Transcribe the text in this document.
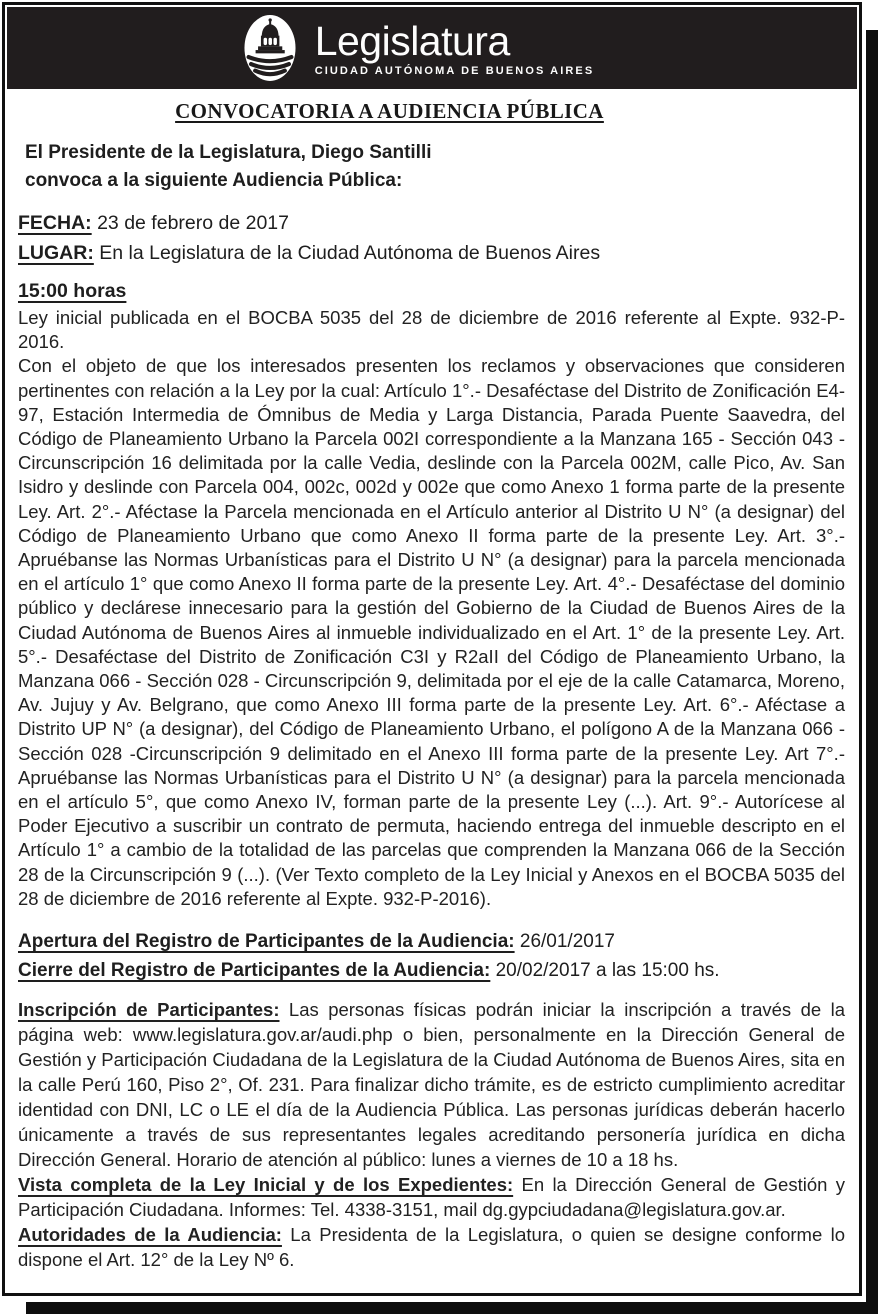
Legislatura
CIUDAD AUTÓNOMA DE BUENOS AIRES
CONVOCATORIA A AUDIENCIA PÚBLICA
El Presidente de la Legislatura, Diego Santilli
convoca a la siguiente Audiencia Pública:
FECHA: 23 de febrero de 2017
LUGAR: En la Legislatura de la Ciudad Autónoma de Buenos Aires
15:00 horas
Ley inicial publicada en el BOCBA 5035 del 28 de diciembre de 2016 referente al Expte. 932-P-2016.
Con el objeto de que los interesados presenten los reclamos y observaciones que consideren pertinentes con relación a la Ley por la cual: Artículo 1°.- Desaféctase del Distrito de Zonificación E4-97, Estación Intermedia de Ómnibus de Media y Larga Distancia, Parada Puente Saavedra, del Código de Planeamiento Urbano la Parcela 002I correspondiente a la Manzana 165 - Sección 043 - Circunscripción 16 delimitada por la calle Vedia, deslinde con la Parcela 002M, calle Pico, Av. San Isidro y deslinde con Parcela 004, 002c, 002d y 002e que como Anexo 1 forma parte de la presente Ley. Art. 2°.- Aféctase la Parcela mencionada en el Artículo anterior al Distrito U N° (a designar) del Código de Planeamiento Urbano que como Anexo II forma parte de la presente Ley. Art. 3°.- Apruébanse las Normas Urbanísticas para el Distrito U N° (a designar) para la parcela mencionada en el artículo 1° que como Anexo II forma parte de la presente Ley. Art. 4°.- Desaféctase del dominio público y declárese innecesario para la gestión del Gobierno de la Ciudad de Buenos Aires de la Ciudad Autónoma de Buenos Aires al inmueble individualizado en el Art. 1° de la presente Ley. Art. 5°.- Desaféctase del Distrito de Zonificación C3I y R2aII del Código de Planeamiento Urbano, la Manzana 066 - Sección 028 - Circunscripción 9, delimitada por el eje de la calle Catamarca, Moreno, Av. Jujuy y Av. Belgrano, que como Anexo III forma parte de la presente Ley. Art. 6°.- Aféctase a Distrito UP N° (a designar), del Código de Planeamiento Urbano, el polígono A de la Manzana 066 - Sección 028 -Circunscripción 9 delimitado en el Anexo III forma parte de la presente Ley. Art 7°.- Apruébanse las Normas Urbanísticas para el Distrito U N° (a designar) para la parcela mencionada en el artículo 5°, que como Anexo IV, forman parte de la presente Ley (...). Art. 9°.- Autorícese al Poder Ejecutivo a suscribir un contrato de permuta, haciendo entrega del inmueble descripto en el Artículo 1° a cambio de la totalidad de las parcelas que comprenden la Manzana 066 de la Sección 28 de la Circunscripción 9 (...). (Ver Texto completo de la Ley Inicial y Anexos en el BOCBA 5035 del 28 de diciembre de 2016 referente al Expte. 932-P-2016).
Apertura del Registro de Participantes de la Audiencia: 26/01/2017
Cierre del Registro de Participantes de la Audiencia: 20/02/2017 a las 15:00 hs.
Inscripción de Participantes: Las personas físicas podrán iniciar la inscripción a través de la página web: www.legislatura.gov.ar/audi.php o bien, personalmente en la Dirección General de Gestión y Participación Ciudadana de la Legislatura de la Ciudad Autónoma de Buenos Aires, sita en la calle Perú 160, Piso 2°, Of. 231. Para finalizar dicho trámite, es de estricto cumplimiento acreditar identidad con DNI, LC o LE el día de la Audiencia Pública. Las personas jurídicas deberán hacerlo únicamente a través de sus representantes legales acreditando personería jurídica en dicha Dirección General. Horario de atención al público: lunes a viernes de 10 a 18 hs.
Vista completa de la Ley Inicial y de los Expedientes: En la Dirección General de Gestión y Participación Ciudadana. Informes: Tel. 4338-3151, mail dg.gypciudadana@legislatura.gov.ar.
Autoridades de la Audiencia: La Presidenta de la Legislatura, o quien se designe conforme lo dispone el Art. 12° de la Ley Nº 6.
